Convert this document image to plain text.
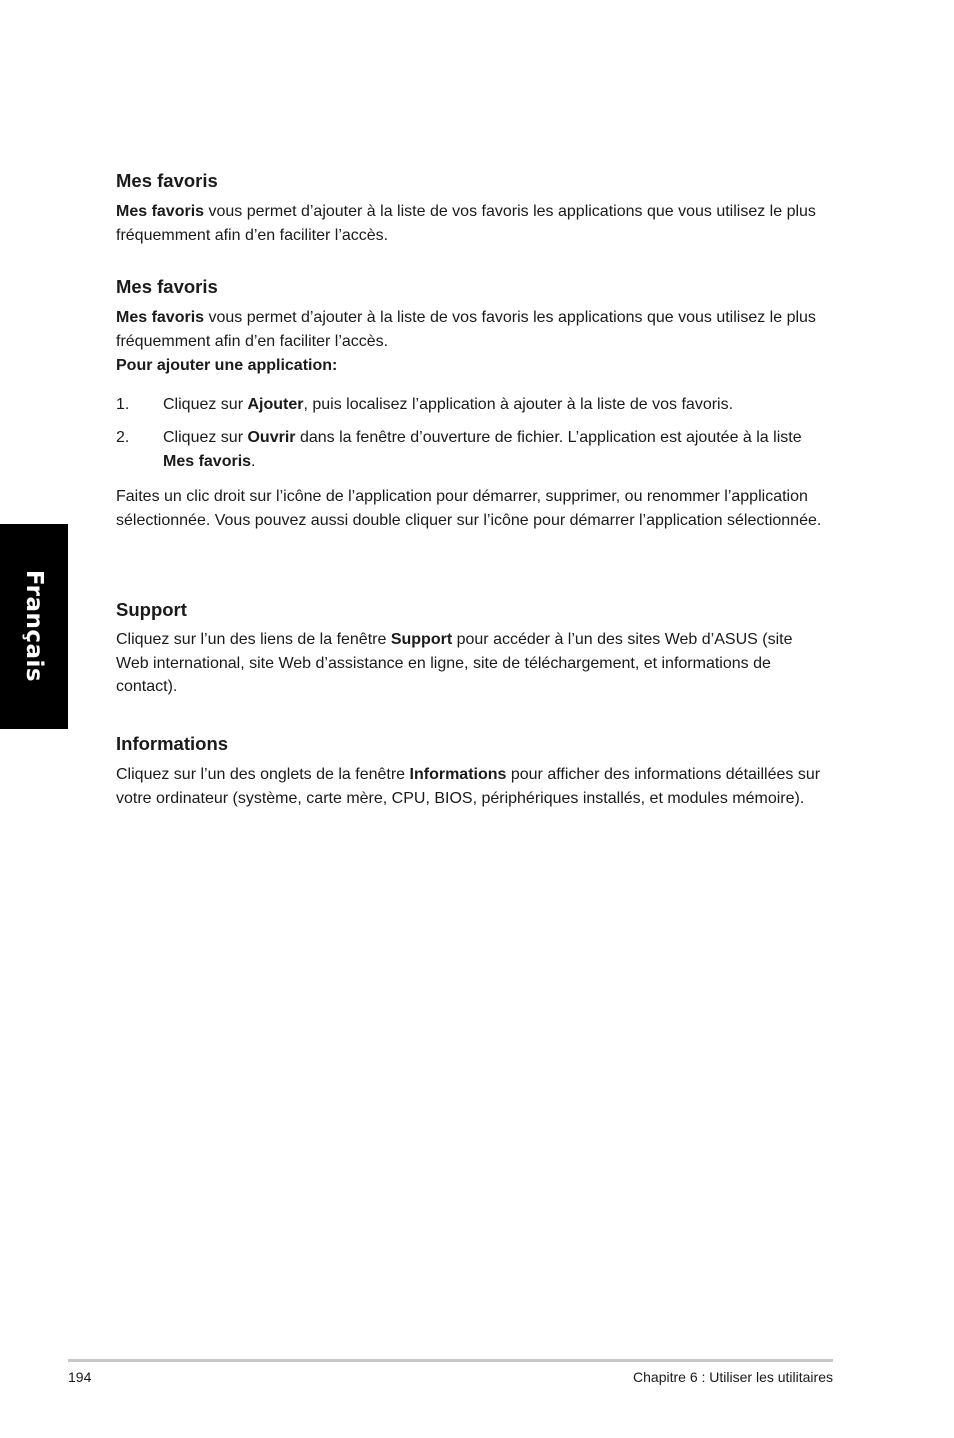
Français
Mes favoris

Mes favoris vous permet d’ajouter à la liste de vos favoris les applications que vous utilisez le plus fréquemment afin d’en faciliter l’accès.

Mes favoris

Mes favoris vous permet d’ajouter à la liste de vos favoris les applications que vous utilisez le plus fréquemment afin d’en faciliter l’accès.

Pour ajouter une application:

1. Cliquez sur Ajouter, puis localisez l’application à ajouter à la liste de vos favoris.
2. Cliquez sur Ouvrir dans la fenêtre d’ouverture de fichier. L’application est ajoutée à la liste Mes favoris.

Faites un clic droit sur l’icône de l’application pour démarrer, supprimer, ou renommer l’application sélectionnée. Vous pouvez aussi double cliquer sur l’icône pour démarrer l’application sélectionnée.

Support

Cliquez sur l’un des liens de la fenêtre Support pour accéder à l’un des sites Web d’ASUS (site Web international, site Web d’assistance en ligne, site de téléchargement, et informations de contact).

Informations

Cliquez sur l’un des onglets de la fenêtre Informations pour afficher des informations détaillées sur votre ordinateur (système, carte mère, CPU, BIOS, périphériques installés, et modules mémoire).

194	Chapitre 6 : Utiliser les utilitaires
